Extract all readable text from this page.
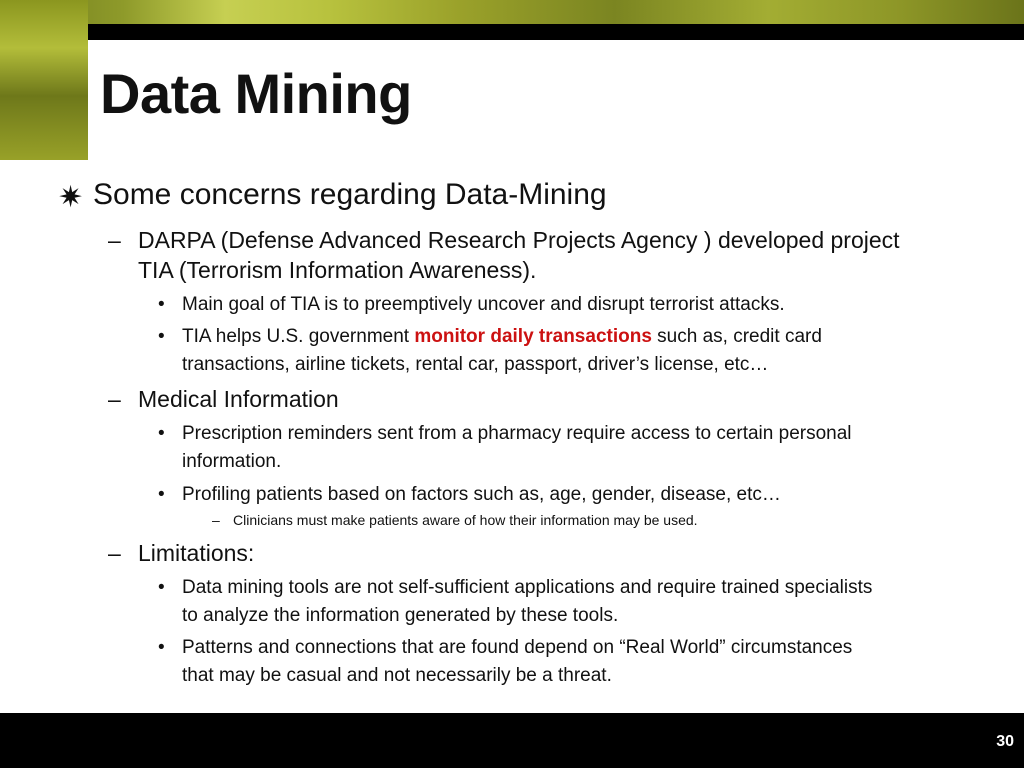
Data Mining
✷ Some concerns regarding Data-Mining
– DARPA (Defense Advanced Research Projects Agency ) developed project
TIA (Terrorism Information Awareness).
• Main goal of TIA is to preemptively uncover and disrupt terrorist attacks.
• TIA helps U.S. government monitor daily transactions such as, credit card
transactions, airline tickets, rental car, passport, driver’s license, etc…
– Medical Information
• Prescription reminders sent from a pharmacy require access to certain personal
information.
• Profiling patients based on factors such as, age, gender, disease, etc…
– Clinicians must make patients aware of how their information may be used.
– Limitations:
• Data mining tools are not self-sufficient applications and require trained specialists
to analyze the information generated by these tools.
• Patterns and connections that are found depend on “Real World” circumstances
that may be casual and not necessarily be a threat.
30
